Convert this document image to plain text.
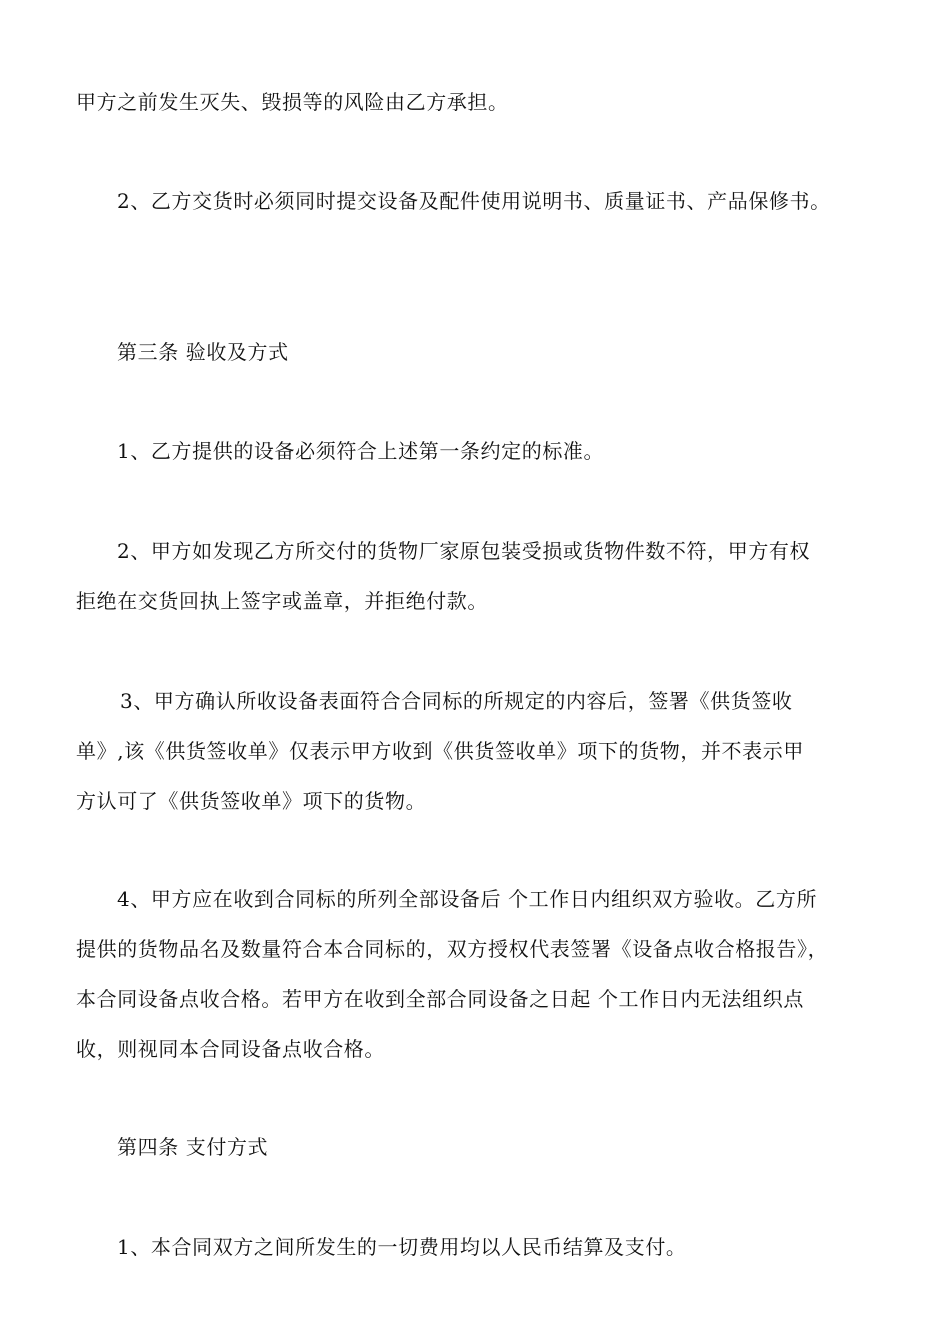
甲方之前发生灭失、毁损等的风险由乙方承担。
2、乙方交货时必须同时提交设备及配件使用说明书、质量证书、产品保修书。
第三条 验收及方式
1、乙方提供的设备必须符合上述第一条约定的标准。
2、甲方如发现乙方所交付的货物厂家原包装受损或货物件数不符，甲方有权
拒绝在交货回执上签字或盖章，并拒绝付款。
3、甲方确认所收设备表面符合合同标的所规定的内容后，签署《供货签收
单》,该《供货签收单》仅表示甲方收到《供货签收单》项下的货物，并不表示甲
方认可了《供货签收单》项下的货物。
4、甲方应在收到合同标的所列全部设备后 个工作日内组织双方验收。乙方所
提供的货物品名及数量符合本合同标的，双方授权代表签署《设备点收合格报告》，
本合同设备点收合格。若甲方在收到全部合同设备之日起 个工作日内无法组织点
收，则视同本合同设备点收合格。
第四条 支付方式
1、本合同双方之间所发生的一切费用均以人民币结算及支付。
